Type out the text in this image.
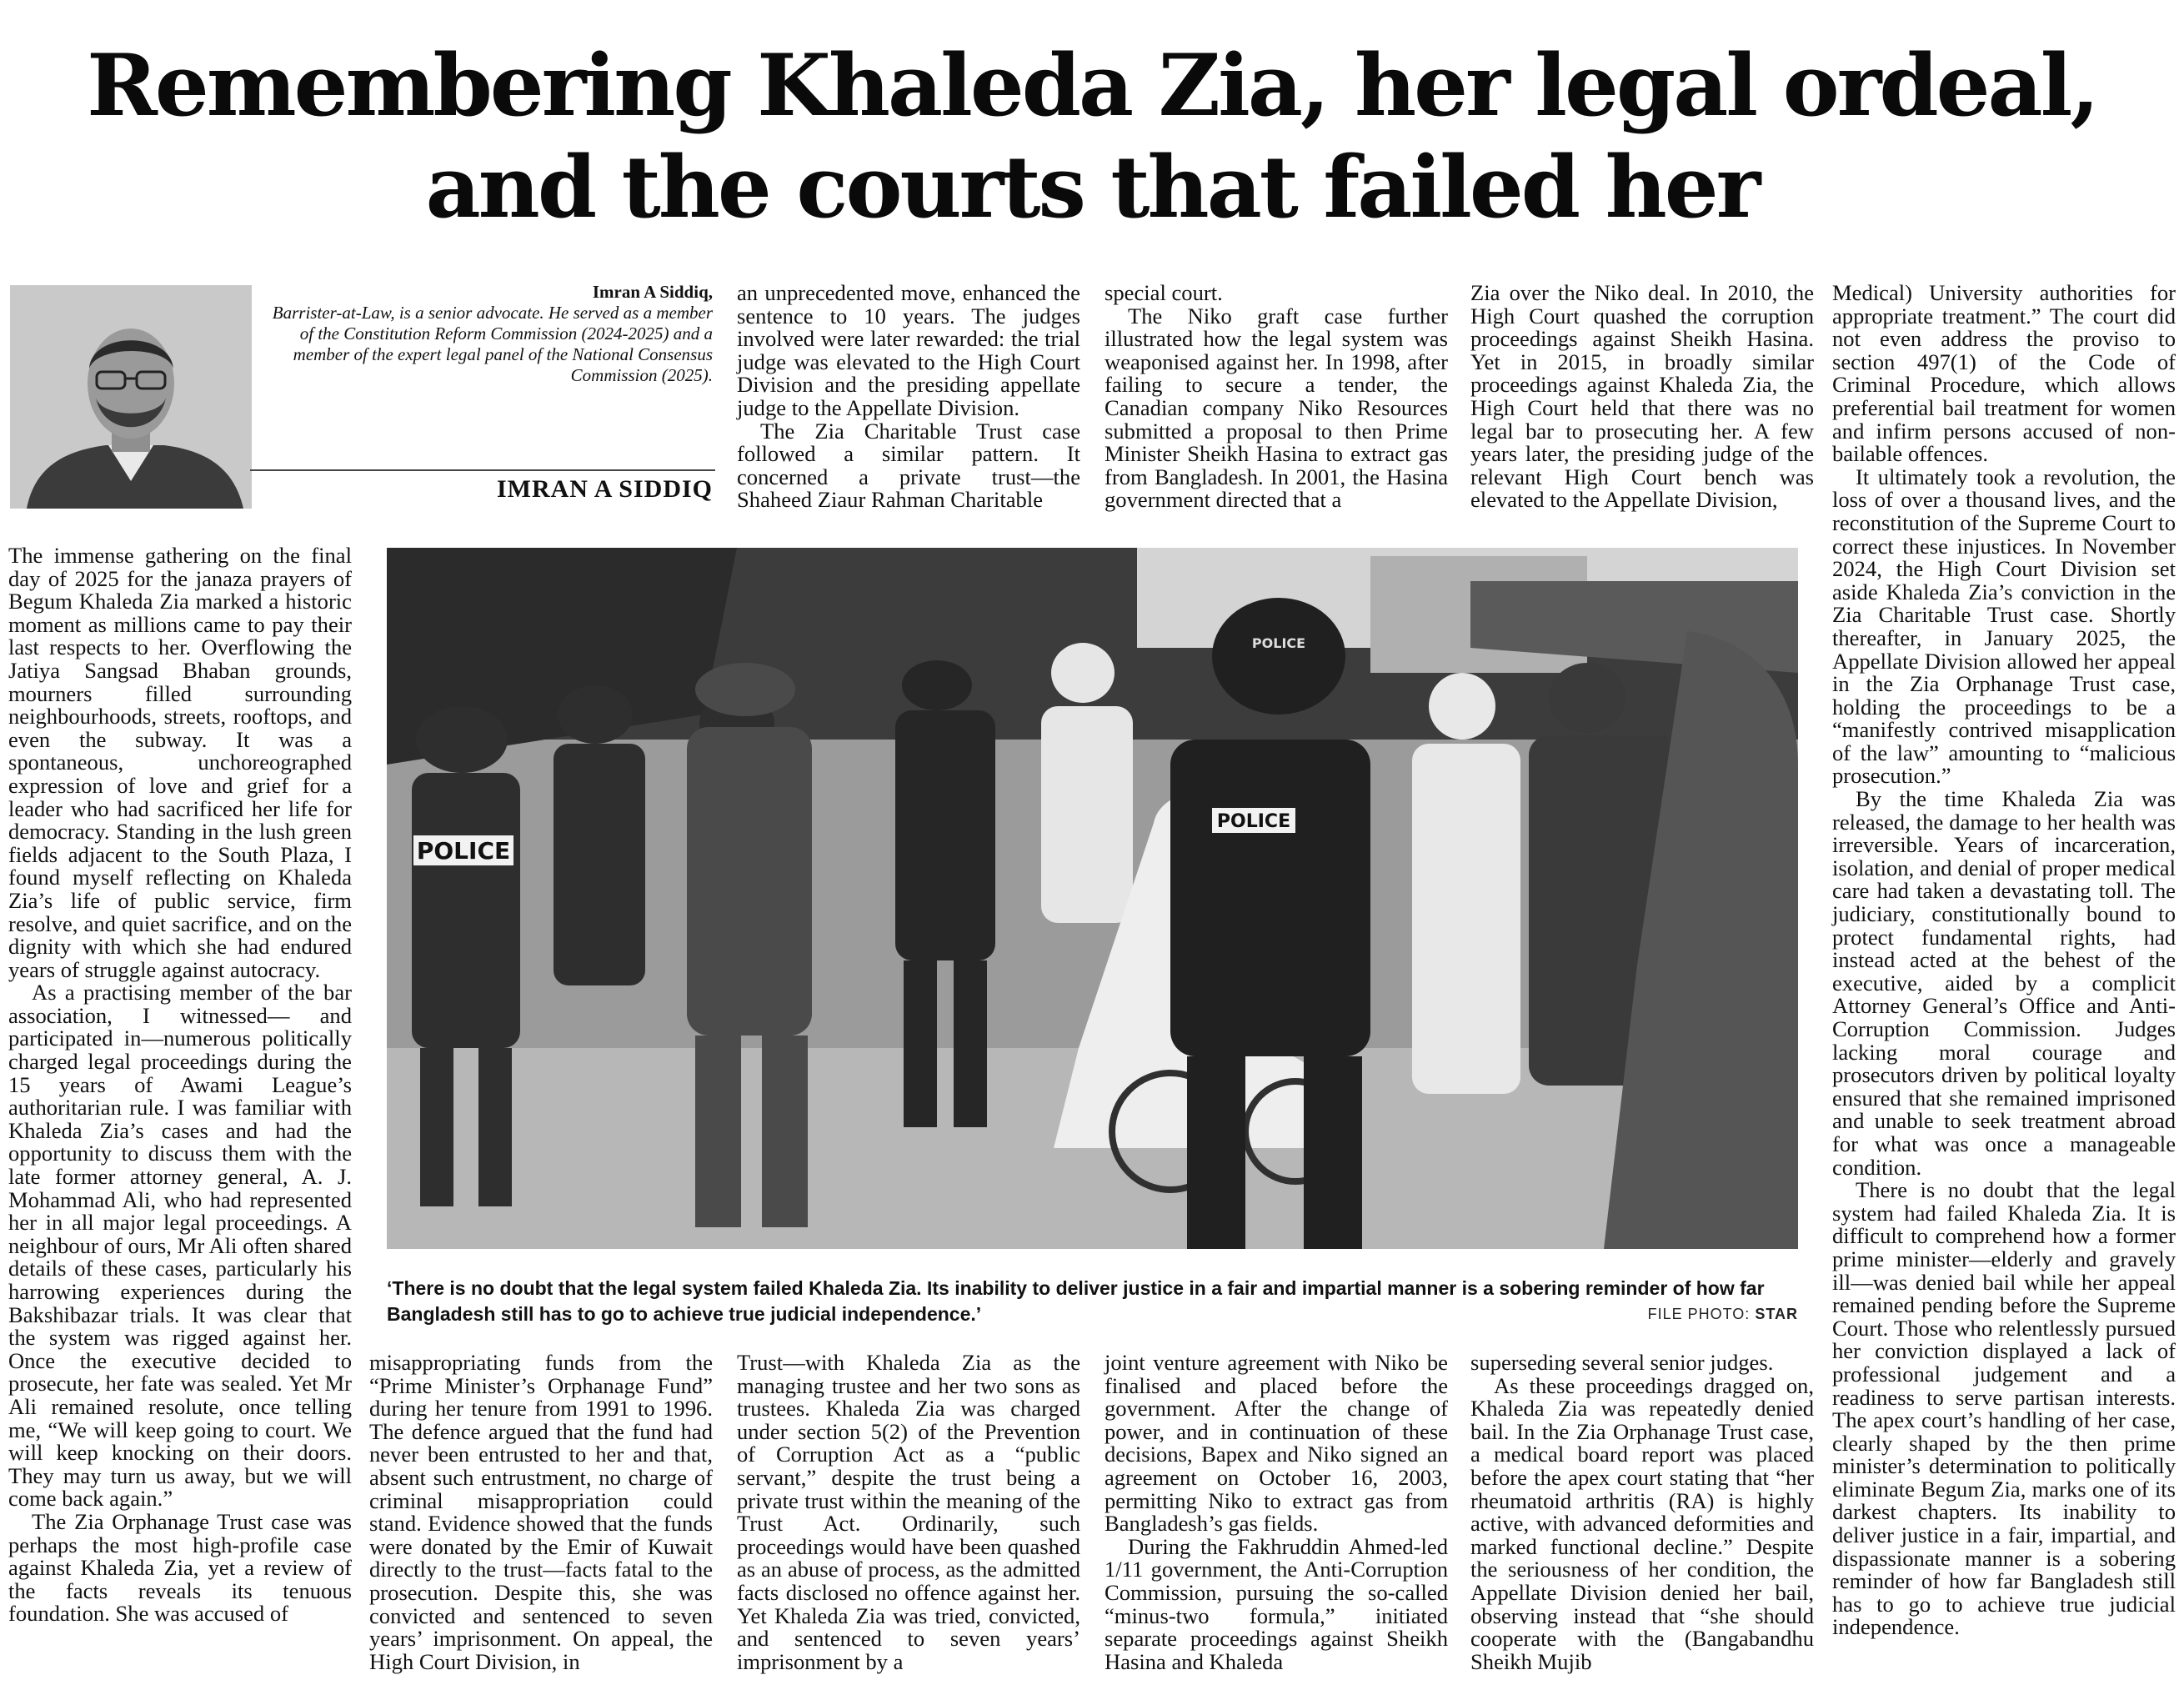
Remembering Khaleda Zia, her legal ordeal,
and the courts that failed her
Imran A Siddiq,
Barrister-at-Law, is a senior advocate. He served as a member of the Constitution Reform Commission (2024-2025) and a member of the expert legal panel of the National Consensus Commission (2025).
IMRAN A SIDDIQ

The immense gathering on the final day of 2025 for the janaza prayers of Begum Khaleda Zia marked a historic moment as millions came to pay their last respects to her. Overflowing the Jatiya Sangsad Bhaban grounds, mourners filled surrounding neighbourhoods, streets, rooftops, and even the subway. It was a spontaneous, unchoreographed expression of love and grief for a leader who had sacrificed her life for democracy. Standing in the lush green fields adjacent to the South Plaza, I found myself reflecting on Khaleda Zia’s life of public service, firm resolve, and quiet sacrifice, and on the dignity with which she had endured years of struggle against autocracy.

As a practising member of the bar association, I witnessed— and participated in—numerous politically charged legal proceedings during the 15 years of Awami League’s authoritarian rule. I was familiar with Khaleda Zia’s cases and had the opportunity to discuss them with the late former attorney general, A. J. Mohammad Ali, who had represented her in all major legal proceedings. A neighbour of ours, Mr Ali often shared details of these cases, particularly his harrowing experiences during the Bakshibazar trials. It was clear that the system was rigged against her. Once the executive decided to prosecute, her fate was sealed. Yet Mr Ali remained resolute, once telling me, “We will keep going to court. We will keep knocking on their doors. They may turn us away, but we will come back again.”

The Zia Orphanage Trust case was perhaps the most high-profile case against Khaleda Zia, yet a review of the facts reveals its tenuous foundation. She was accused of

an unprecedented move, enhanced the sentence to 10 years. The judges involved were later rewarded: the trial judge was elevated to the High Court Division and the presiding appellate judge to the Appellate Division.

The Zia Charitable Trust case followed a similar pattern. It concerned a private trust—the Shaheed Ziaur Rahman Charitable

special court.

The Niko graft case further illustrated how the legal system was weaponised against her. In 1998, after failing to secure a tender, the Canadian company Niko Resources submitted a proposal to then Prime Minister Sheikh Hasina to extract gas from Bangladesh. In 2001, the Hasina government directed that a

Zia over the Niko deal. In 2010, the High Court quashed the corruption proceedings against Sheikh Hasina. Yet in 2015, in broadly similar proceedings against Khaleda Zia, the High Court held that there was no legal bar to prosecuting her. A few years later, the presiding judge of the relevant High Court bench was elevated to the Appellate Division,

Medical) University authorities for appropriate treatment.” The court did not even address the proviso to section 497(1) of the Code of Criminal Procedure, which allows preferential bail treatment for women and infirm persons accused of non-bailable offences.

It ultimately took a revolution, the loss of over a thousand lives, and the reconstitution of the Supreme Court to correct these injustices. In November 2024, the High Court Division set aside Khaleda Zia’s conviction in the Zia Charitable Trust case. Shortly thereafter, in January 2025, the Appellate Division allowed her appeal in the Zia Orphanage Trust case, holding the proceedings to be a “manifestly contrived misapplication of the law” amounting to “malicious prosecution.”

By the time Khaleda Zia was released, the damage to her health was irreversible. Years of incarceration, isolation, and denial of proper medical care had taken a devastating toll. The judiciary, constitutionally bound to protect fundamental rights, had instead acted at the behest of the executive, aided by a complicit Attorney General’s Office and Anti-Corruption Commission. Judges lacking moral courage and prosecutors driven by political loyalty ensured that she remained imprisoned and unable to seek treatment abroad for what was once a manageable condition.

There is no doubt that the legal system had failed Khaleda Zia. It is difficult to comprehend how a former prime minister—elderly and gravely ill—was denied bail while her appeal remained pending before the Supreme Court. Those who relentlessly pursued her conviction displayed a lack of professional judgement and a readiness to serve partisan interests. The apex court’s handling of her case, clearly shaped by the then prime minister’s determination to politically eliminate Begum Zia, marks one of its darkest chapters. Its inability to deliver justice in a fair, impartial, and dispassionate manner is a sobering reminder of how far Bangladesh still has to go to achieve true judicial independence.

POLICE
POLICE
POLICE
‘There is no doubt that the legal system failed Khaleda Zia. Its inability to deliver justice in a fair and impartial manner is a sobering reminder of how far Bangladesh still has to go to achieve true judicial independence.’	FILE PHOTO: STAR

misappropriating funds from the “Prime Minister’s Orphanage Fund” during her tenure from 1991 to 1996. The defence argued that the fund had never been entrusted to her and that, absent such entrustment, no charge of criminal misappropriation could stand. Evidence showed that the funds were donated by the Emir of Kuwait directly to the trust—facts fatal to the prosecution. Despite this, she was convicted and sentenced to seven years’ imprisonment. On appeal, the High Court Division, in

Trust—with Khaleda Zia as the managing trustee and her two sons as trustees. Khaleda Zia was charged under section 5(2) of the Prevention of Corruption Act as a “public servant,” despite the trust being a private trust within the meaning of the Trust Act. Ordinarily, such proceedings would have been quashed as an abuse of process, as the admitted facts disclosed no offence against her. Yet Khaleda Zia was tried, convicted, and sentenced to seven years’ imprisonment by a

joint venture agreement with Niko be finalised and placed before the government. After the change of power, and in continuation of these decisions, Bapex and Niko signed an agreement on October 16, 2003, permitting Niko to extract gas from Bangladesh’s gas fields.

During the Fakhruddin Ahmed-led 1/11 government, the Anti-Corruption Commission, pursuing the so-called “minus-two formula,” initiated separate proceedings against Sheikh Hasina and Khaleda

superseding several senior judges.

As these proceedings dragged on, Khaleda Zia was repeatedly denied bail. In the Zia Orphanage Trust case, a medical board report was placed before the apex court stating that “her rheumatoid arthritis (RA) is highly active, with advanced deformities and marked functional decline.” Despite the seriousness of her condition, the Appellate Division denied her bail, observing instead that “she should cooperate with the (Bangabandhu Sheikh Mujib
